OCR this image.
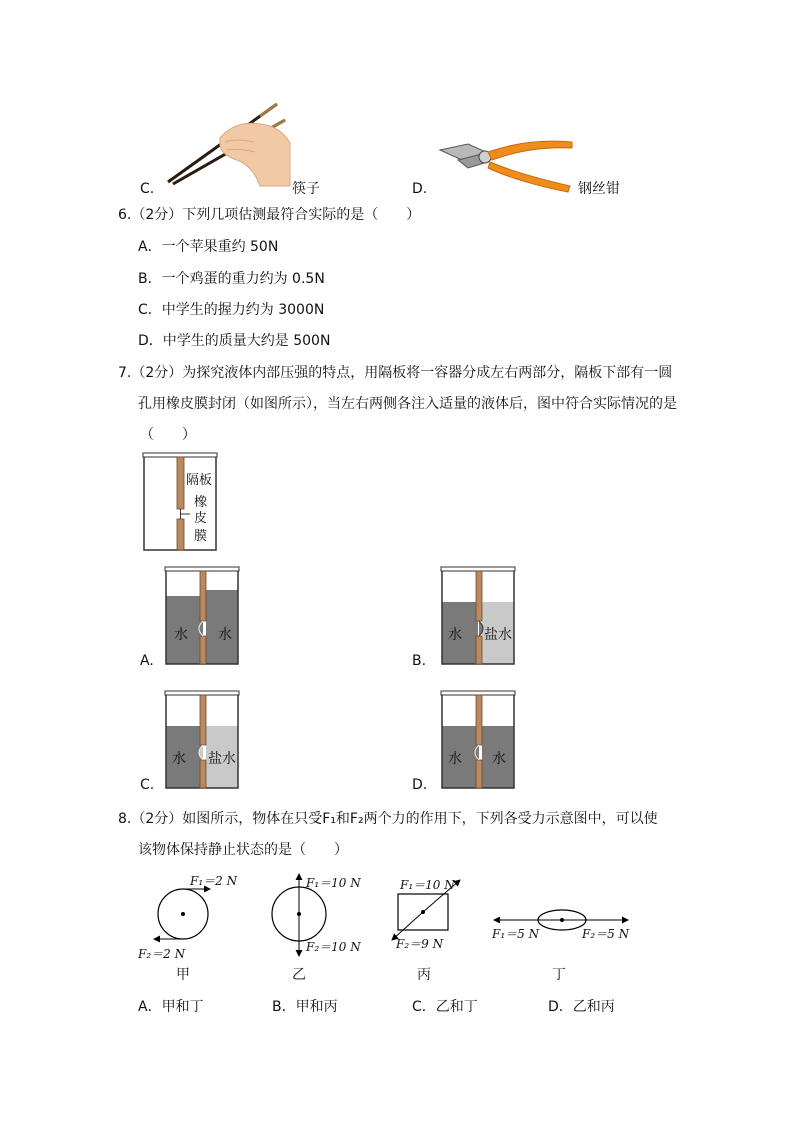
C.	筷子	D.	钢丝钳
6.（2分）下列几项估测最符合实际的是（　　）
A．一个苹果重约 50N
B．一个鸡蛋的重力约为 0.5N
C．中学生的握力约为 3000N
D．中学生的质量大约是 500N
7.（2分）为探究液体内部压强的特点，用隔板将一容器分成左右两部分，隔板下部有一圆
孔用橡皮膜封闭（如图所示），当左右两侧各注入适量的液体后，图中符合实际情况的是
（　　）
隔板
橡
皮
膜
水 水
A.
水 盐水
B.
水 盐水
C.
水 水
D.
8.（2分）如图所示，物体在只受F₁和F₂两个力的作用下，下列各受力示意图中，可以使
该物体保持静止状态的是（　　）
F₁＝2 N
F₂＝2 N
甲
F₁＝10 N
F₂＝10 N
乙
F₁＝10 N
F₂＝9 N
丙
F₁＝5 N	F₂＝5 N
丁
A．甲和丁	B．甲和丙	C．乙和丁	D．乙和丙
